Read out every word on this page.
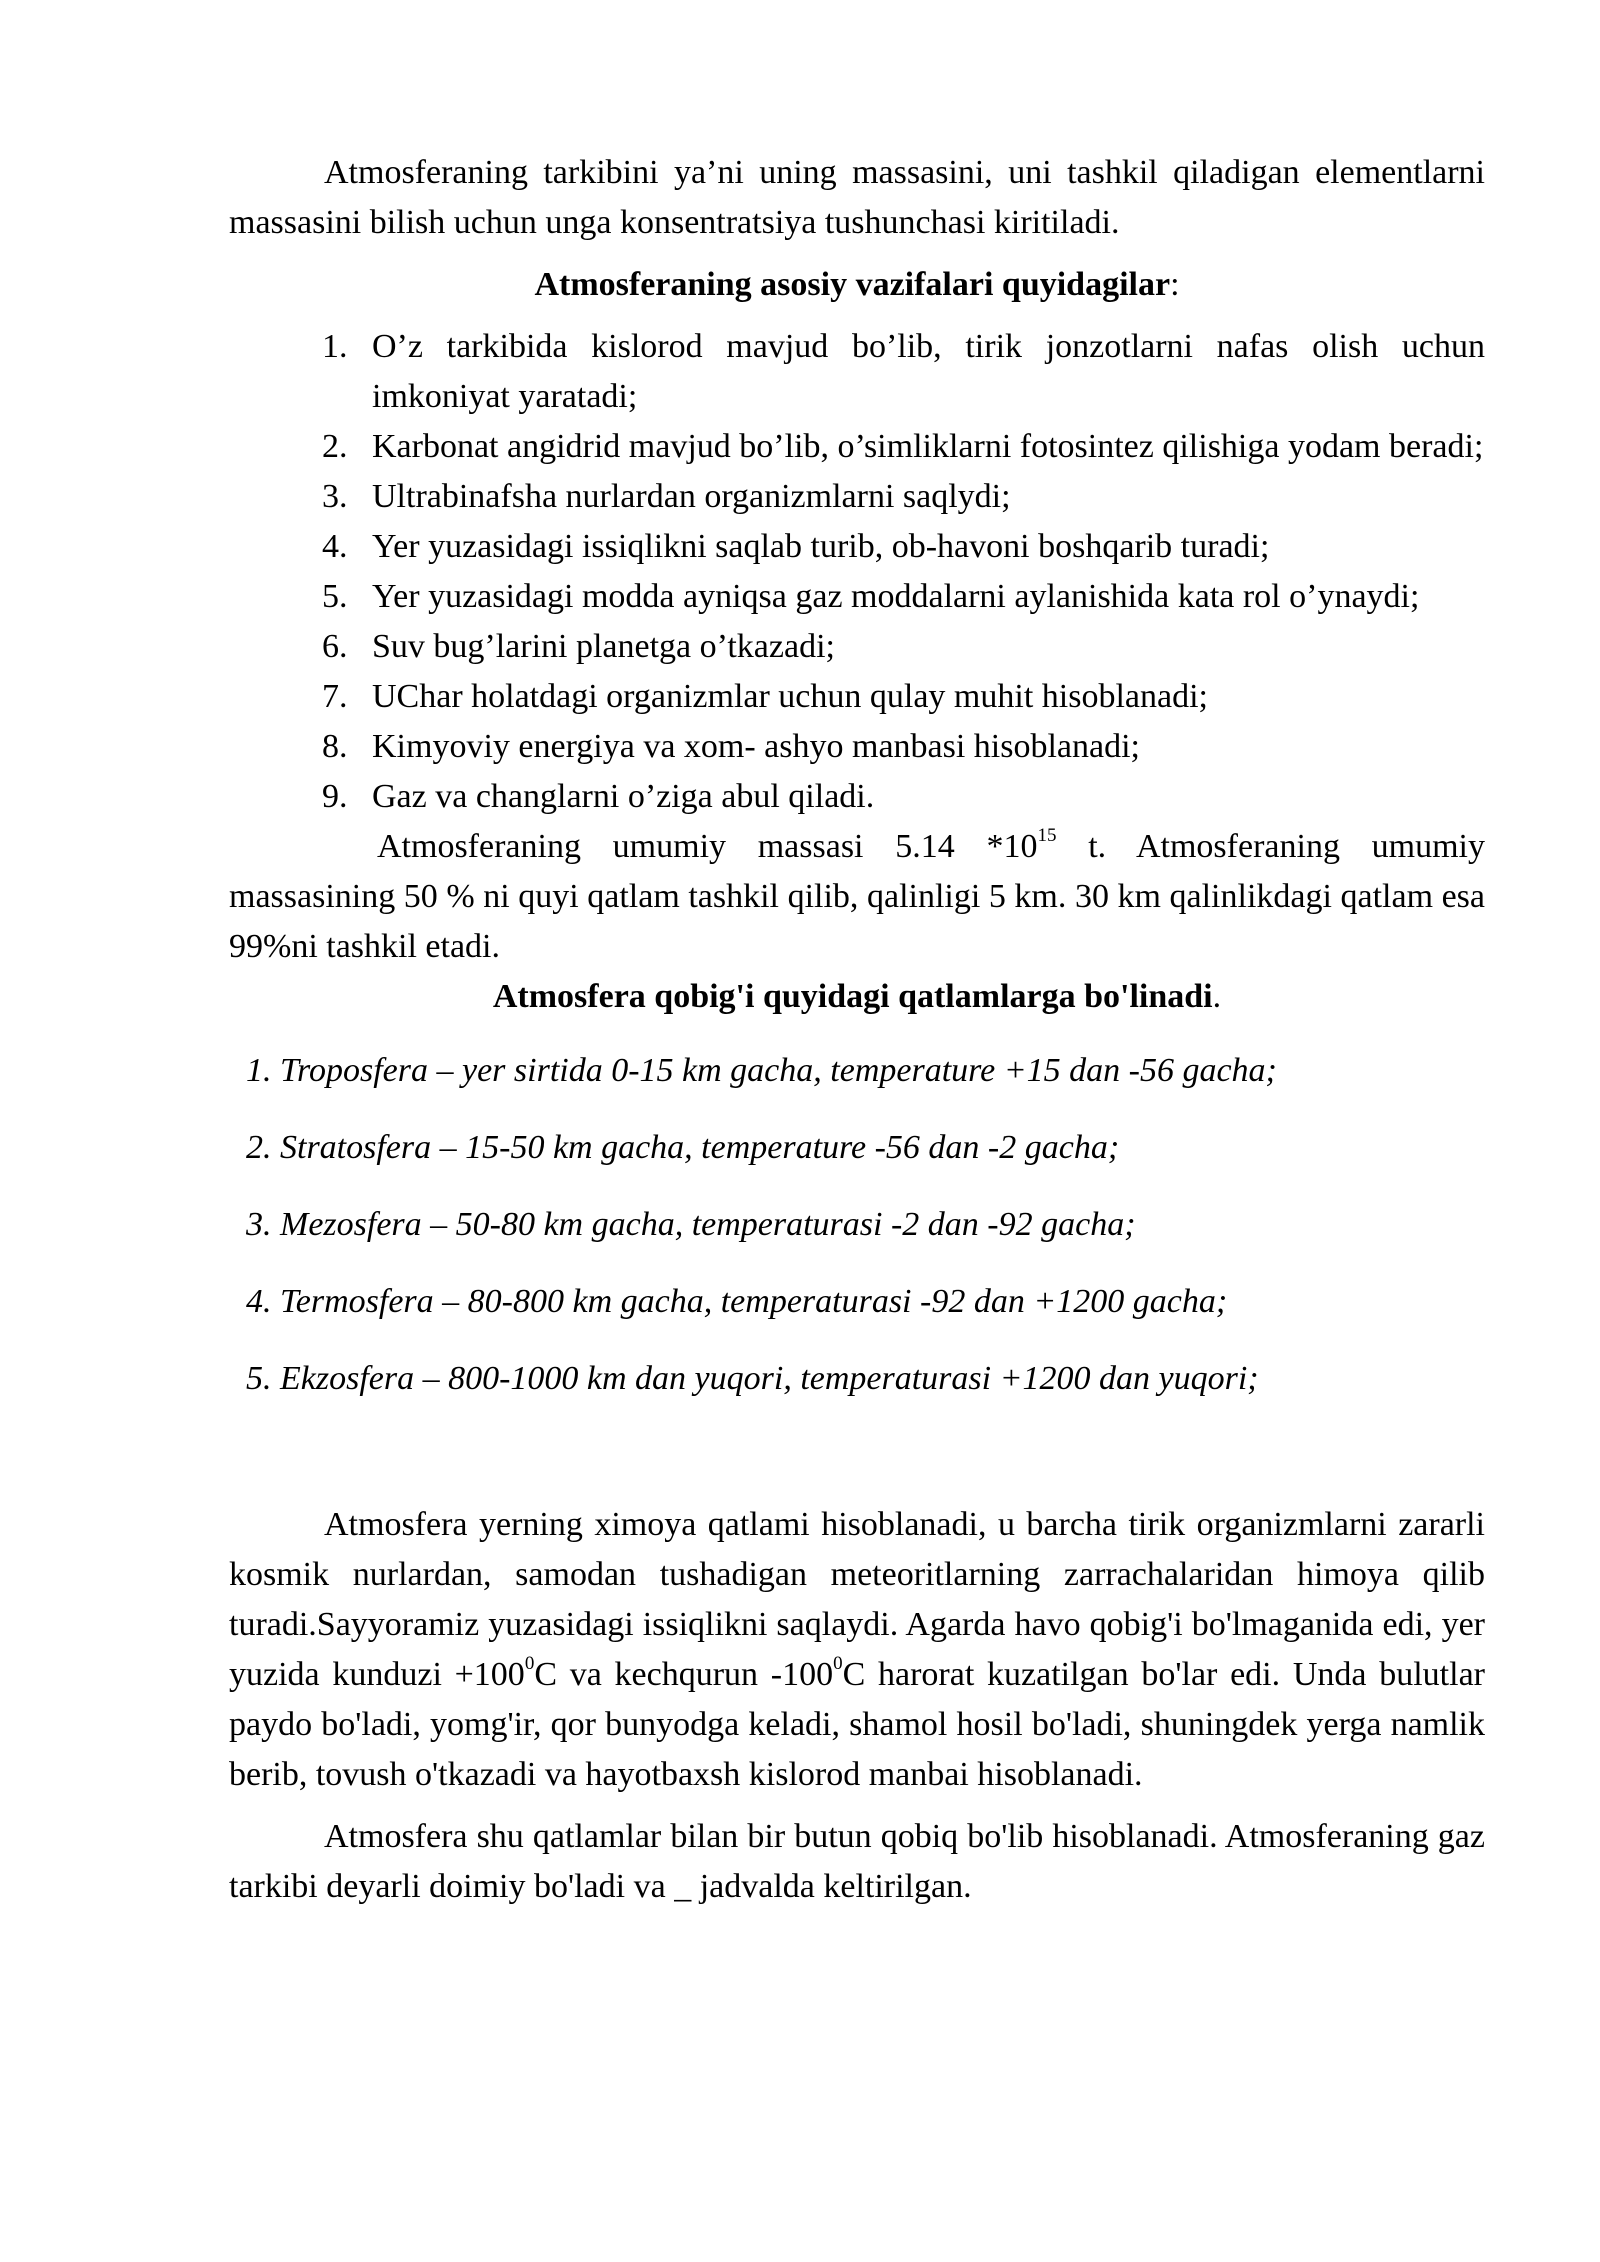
Atmosferaning tarkibini ya’ni uning massasini, uni tashkil qiladigan elementlarni massasini bilish uchun unga konsentratsiya tushunchasi kiritiladi.

Atmosferaning asosiy vazifalari quyidagilar:

1. O’z tarkibida kislorod mavjud bo’lib, tirik jonzotlarni nafas olish uchun imkoniyat yaratadi;
2. Karbonat angidrid mavjud bo’lib, o’simliklarni fotosintez qilishiga yodam beradi;
3. Ultrabinafsha nurlardan organizmlarni saqlydi;
4. Yer yuzasidagi issiqlikni saqlab turib, ob-havoni boshqarib turadi;
5. Yer yuzasidagi modda ayniqsa gaz moddalarni aylanishida kata rol o’ynaydi;
6. Suv bug’larini planetga o’tkazadi;
7. UChar holatdagi organizmlar uchun qulay muhit hisoblanadi;
8. Kimyoviy energiya va xom- ashyo manbasi hisoblanadi;
9. Gaz va changlarni o’ziga abul qiladi.

Atmosferaning umumiy massasi 5.14 $*10^{15}$ t. Atmosferaning umumiy massasining 50 % ni quyi qatlam tashkil qilib, qalinligi 5 km. 30 km qalinlikdagi qatlam esa 99%ni tashkil etadi.

Atmosfera qobig'i quyidagi qatlamlarga bo'linadi.

1. Troposfera – yer sirtida 0-15 km gacha, temperature +15 dan -56 gacha;
2. Stratosfera – 15-50 km gacha, temperature -56 dan -2 gacha;
3. Mezosfera – 50-80 km gacha, temperaturasi -2 dan -92 gacha;
4. Termosfera – 80-800 km gacha, temperaturasi -92 dan +1200 gacha;
5. Ekzosfera – 800-1000 km dan yuqori, temperaturasi +1200 dan yuqori;

Atmosfera yerning ximoya qatlami hisoblanadi, u barcha tirik organizmlarni zararli kosmik nurlardan, samodan tushadigan meteoritlarning zarrachalaridan himoya qilib turadi.Sayyoramiz yuzasidagi issiqlikni saqlaydi. Agarda havo qobig'i bo'lmaganida edi, yer yuzida kunduzi $+100^0C$ va kechqurun $-100^0C$ harorat kuzatilgan bo'lar edi. Unda bulutlar paydo bo'ladi, yomg'ir, qor bunyodga keladi, shamol hosil bo'ladi, shuningdek yerga namlik berib, tovush o'tkazadi va hayotbaxsh kislorod manbai hisoblanadi.

Atmosfera shu qatlamlar bilan bir butun qobiq bo'lib hisoblanadi. Atmosferaning gaz tarkibi deyarli doimiy bo'ladi va _ jadvalda keltirilgan.
